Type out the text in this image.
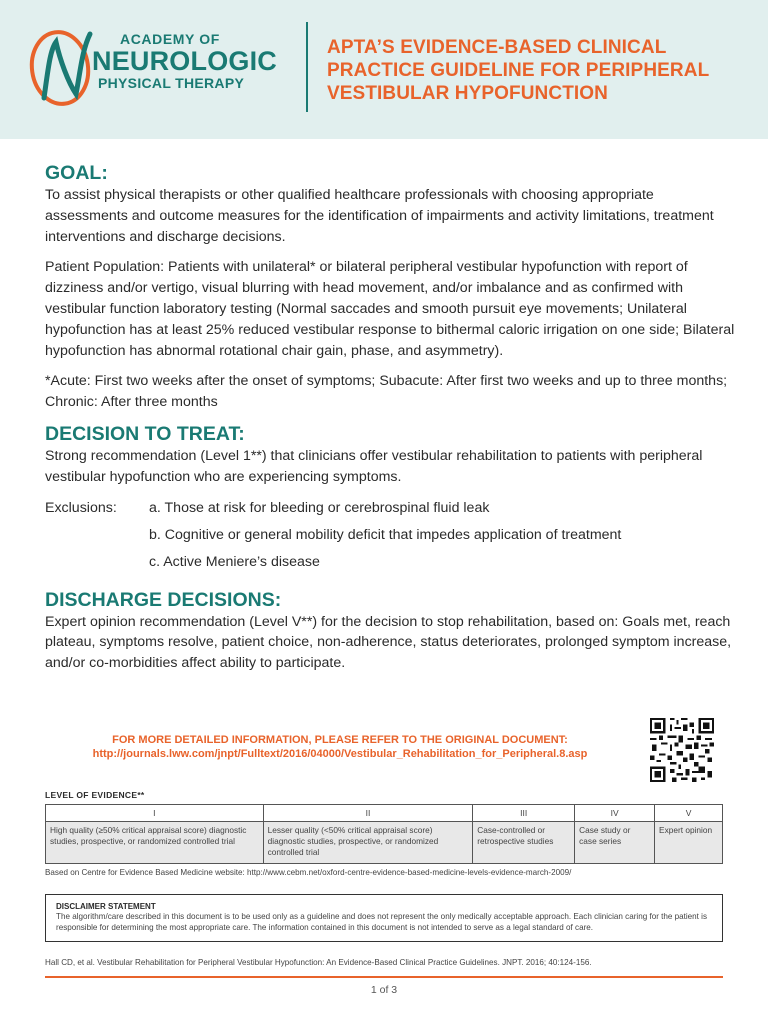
ACADEMY OF
NEUROLOGIC
PHYSICAL THERAPY
APTA’S EVIDENCE-BASED CLINICAL
PRACTICE GUIDELINE FOR PERIPHERAL
VESTIBULAR HYPOFUNCTION
GOAL:

To assist physical therapists or other qualified healthcare professionals with choosing appropriate assessments and outcome measures for the identification of impairments and activity limitations, treatment interventions and discharge decisions.

Patient Population: Patients with unilateral* or bilateral peripheral vestibular hypofunction with report of dizziness and/or vertigo, visual blurring with head movement, and/or imbalance and as confirmed with vestibular function laboratory testing (Normal saccades and smooth pursuit eye movements; Unilateral hypofunction has at least 25% reduced vestibular response to bithermal caloric irrigation on one side; Bilateral hypofunction has abnormal rotational chair gain, phase, and asymmetry).

*Acute: First two weeks after the onset of symptoms; Subacute: After first two weeks and up to three months; Chronic: After three months

DECISION TO TREAT:

Strong recommendation (Level 1**) that clinicians offer vestibular rehabilitation to patients with peripheral vestibular hypofunction who are experiencing symptoms.

Exclusions:	a. Those at risk for bleeding or cerebrospinal fluid leak
b. Cognitive or general mobility deficit that impedes application of treatment
c. Active Meniere’s disease
DISCHARGE DECISIONS:

Expert opinion recommendation (Level V**) for the decision to stop rehabilitation, based on: Goals met, reach plateau, symptoms resolve, patient choice, non-adherence, status deteriorates, prolonged symptom increase, and/or co-morbidities affect ability to participate.

FOR MORE DETAILED INFORMATION, PLEASE REFER TO THE ORIGINAL DOCUMENT:
http://journals.lww.com/jnpt/Fulltext/2016/04000/Vestibular_Rehabilitation_for_Peripheral.8.asp
LEVEL OF EVIDENCE**
I	II	III	IV	V
High quality (≥50% critical appraisal score) diagnostic studies, prospective, or randomized controlled trial	Lesser quality (<50% critical appraisal score) diagnostic studies, prospective, or randomized controlled trial	Case-controlled or retrospective studies	Case study or case series	Expert opinion
Based on Centre for Evidence Based Medicine website: http://www.cebm.net/oxford-centre-evidence-based-medicine-levels-evidence-march-2009/
DISCLAIMER STATEMENT
The algorithm/care described in this document is to be used only as a guideline and does not represent the only medically acceptable approach. Each clinician caring for the patient is responsible for determining the most appropriate care. The information contained in this document is not intended to serve as a legal standard of care.
Hall CD, et al. Vestibular Rehabilitation for Peripheral Vestibular Hypofunction: An Evidence-Based Clinical Practice Guidelines. JNPT. 2016; 40:124-156.
1 of 3
